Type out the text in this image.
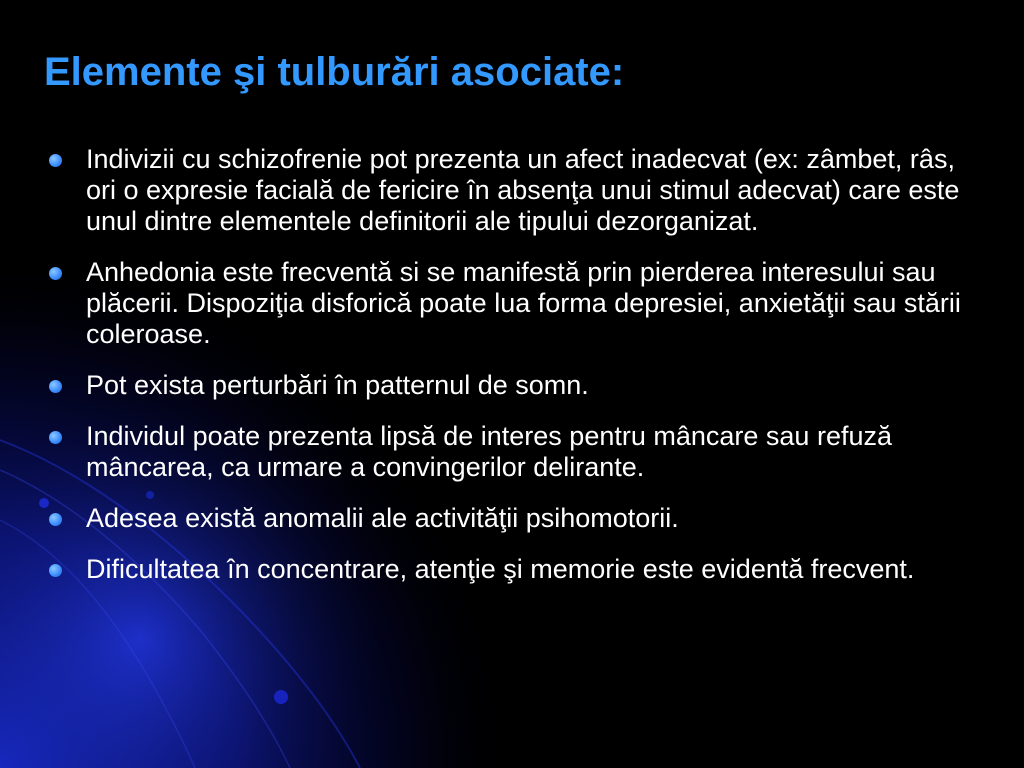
Elemente şi tulburări asociate:
Indivizii cu schizofrenie pot prezenta un afect inadecvat (ex: zâmbet, râs, ori o expresie facială de fericire în absenţa unui stimul adecvat) care este unul dintre elementele definitorii ale tipului dezorganizat.
Anhedonia este frecventă si se manifestă prin pierderea interesului sau plăcerii. Dispoziţia disforică poate lua forma depresiei, anxietăţii sau stării coleroase.
Pot exista perturbări în patternul de somn.
Individul poate prezenta lipsă de interes pentru mâncare sau refuză mâncarea, ca urmare a convingerilor delirante.
Adesea există anomalii ale activităţii psihomotorii.
Dificultatea în concentrare, atenţie şi memorie este evidentă frecvent.
